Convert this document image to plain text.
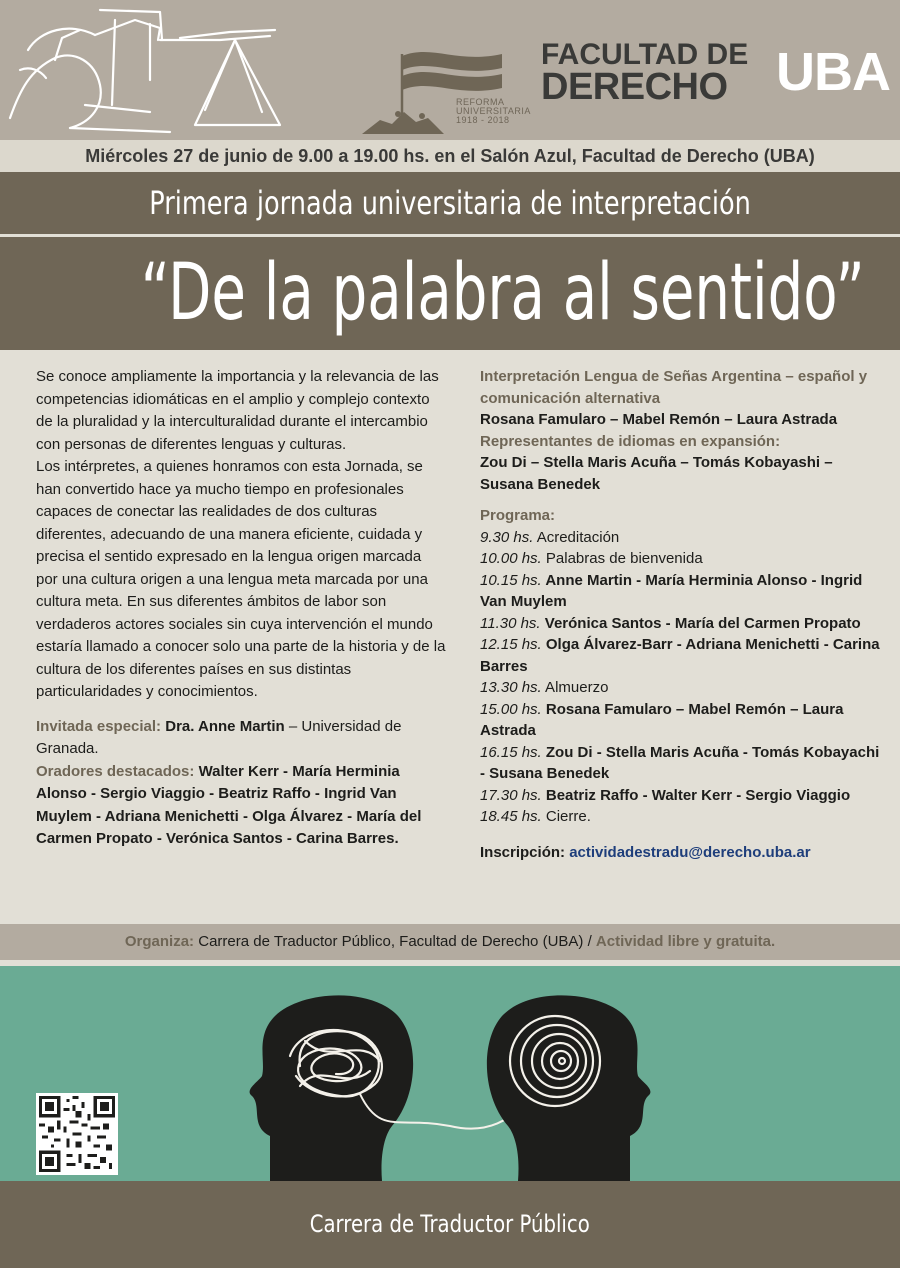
REFORMA
UNIVERSITARIA
1918 - 2018
FACULTAD DE
DERECHO UBA
Miércoles 27 de junio de 9.00 a 19.00 hs. en el Salón Azul, Facultad de Derecho (UBA)
Primera jornada universitaria de interpretación
“De la palabra al sentido”

Se conoce ampliamente la importancia y la relevancia de las competencias idiomáticas en el amplio y complejo contexto de la pluralidad y la interculturalidad durante el intercambio con personas de diferentes lenguas y culturas.

Los intérpretes, a quienes honramos con esta Jornada, se han convertido hace ya mucho tiempo en profesionales capaces de conectar las realidades de dos culturas diferentes, adecuando de una manera eficiente, cuidada y precisa el sentido expresado en la lengua origen marcada por una cultura origen a una lengua meta marcada por una cultura meta. En sus diferentes ámbitos de labor son verdaderos actores sociales sin cuya intervención el mundo estaría llamado a conocer solo una parte de la historia y de la cultura de los diferentes países en sus distintas particularidades y conocimientos.

Invitada especial: Dra. Anne Martin – Universidad de Granada.

Oradores destacados: Walter Kerr - María Herminia Alonso - Sergio Viaggio - Beatriz Raffo - Ingrid Van Muylem - Adriana Menichetti - Olga Álvarez - María del Carmen Propato - Verónica Santos - Carina Barres.

Interpretación Lengua de Señas Argentina – español y comunicación alternativa
Rosana Famularo – Mabel Remón – Laura Astrada
Representantes de idiomas en expansión:
Zou Di – Stella Maris Acuña – Tomás Kobayashi – Susana Benedek
Programa:
9.30 hs. Acreditación
10.00 hs. Palabras de bienvenida
10.15 hs. Anne Martin - María Herminia Alonso - Ingrid Van Muylem
11.30 hs. Verónica Santos - María del Carmen Propato
12.15 hs. Olga Álvarez-Barr - Adriana Menichetti - Carina Barres
13.30 hs. Almuerzo
15.00 hs. Rosana Famularo – Mabel Remón – Laura Astrada
16.15 hs. Zou Di - Stella Maris Acuña - Tomás Kobayachi - Susana Benedek
17.30 hs. Beatriz Raffo - Walter Kerr - Sergio Viaggio
18.45 hs. Cierre.
Inscripción: actividadestradu@derecho.uba.ar
Organiza: Carrera de Traductor Público, Facultad de Derecho (UBA) / Actividad libre y gratuita.
Carrera de Traductor Público
